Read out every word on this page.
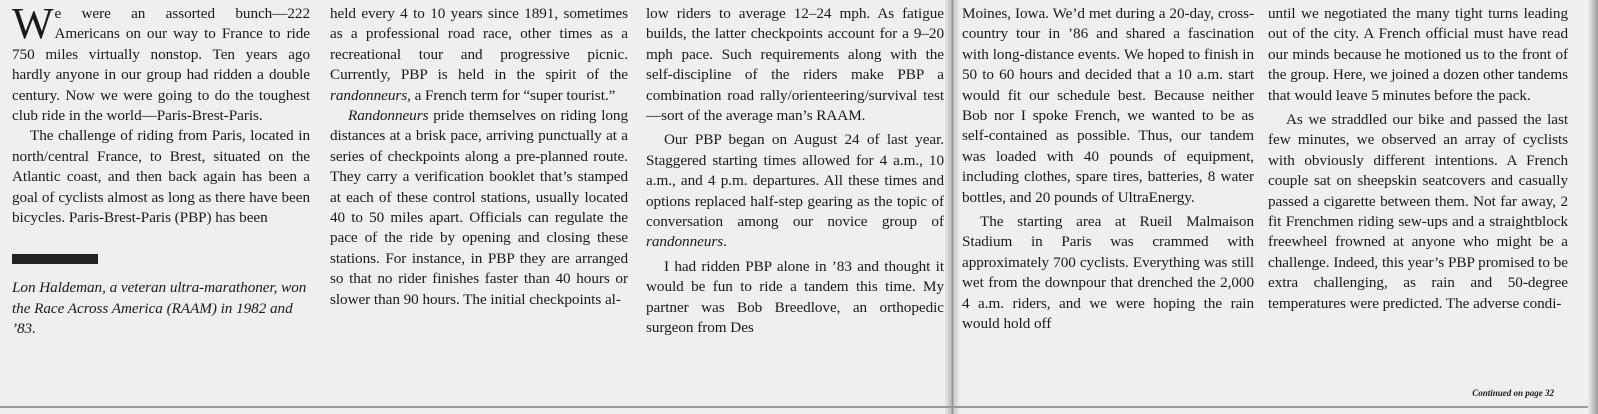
We were an assorted bunch—222 Americans on our way to France to ride 750 miles virtually nonstop. Ten years ago hardly anyone in our group had ridden a double century. Now we were going to do the toughest club ride in the world—Paris-Brest-Paris.

The challenge of riding from Paris, located in north/central France, to Brest, situated on the Atlantic coast, and then back again has been a goal of cyclists almost as long as there have been bicycles. Paris-Brest-Paris (PBP) has been

Lon Haldeman, a veteran ultra-marathoner, won the Race Across America (RAAM) in 1982 and ’83.

held every 4 to 10 years since 1891, sometimes as a professional road race, other times as a recreational tour and progressive picnic. Currently, PBP is held in the spirit of the randonneurs, a French term for “super tourist.”

Randonneurs pride themselves on riding long distances at a brisk pace, arriving punctually at a series of checkpoints along a pre-planned route. They carry a verification booklet that’s stamped at each of these control stations, usually located 40 to 50 miles apart. Officials can regulate the pace of the ride by opening and closing these stations. For instance, in PBP they are arranged so that no rider finishes faster than 40 hours or slower than 90 hours. The initial checkpoints al-

low riders to average 12–24 mph. As fatigue builds, the latter checkpoints account for a 9–20 mph pace. Such requirements along with the self-discipline of the riders make PBP a combination road rally/orienteering/survival test—sort of the average man’s RAAM.

Our PBP began on August 24 of last year. Staggered starting times allowed for 4 a.m., 10 a.m., and 4 p.m. departures. All these times and options replaced half-step gearing as the topic of conversation among our novice group of randonneurs.

I had ridden PBP alone in ’83 and thought it would be fun to ride a tandem this time. My partner was Bob Breedlove, an orthopedic surgeon from Des

Moines, Iowa. We’d met during a 20-day, cross-country tour in ’86 and shared a fascination with long-distance events. We hoped to finish in 50 to 60 hours and decided that a 10 a.m. start would fit our schedule best. Because neither Bob nor I spoke French, we wanted to be as self-contained as possible. Thus, our tandem was loaded with 40 pounds of equipment, including clothes, spare tires, batteries, 8 water bottles, and 20 pounds of UltraEnergy.

The starting area at Rueil Malmaison Stadium in Paris was crammed with approximately 700 cyclists. Everything was still wet from the downpour that drenched the 2,000 4 a.m. riders, and we were hoping the rain would hold off

until we negotiated the many tight turns leading out of the city. A French official must have read our minds because he motioned us to the front of the group. Here, we joined a dozen other tandems that would leave 5 minutes before the pack.

As we straddled our bike and passed the last few minutes, we observed an array of cyclists with obviously different intentions. A French couple sat on sheepskin seatcovers and casually passed a cigarette between them. Not far away, 2 fit Frenchmen riding sew-ups and a straightblock freewheel frowned at anyone who might be a challenge. Indeed, this year’s PBP promised to be extra challenging, as rain and 50-degree temperatures were predicted. The adverse condi-

Continued on page 32
